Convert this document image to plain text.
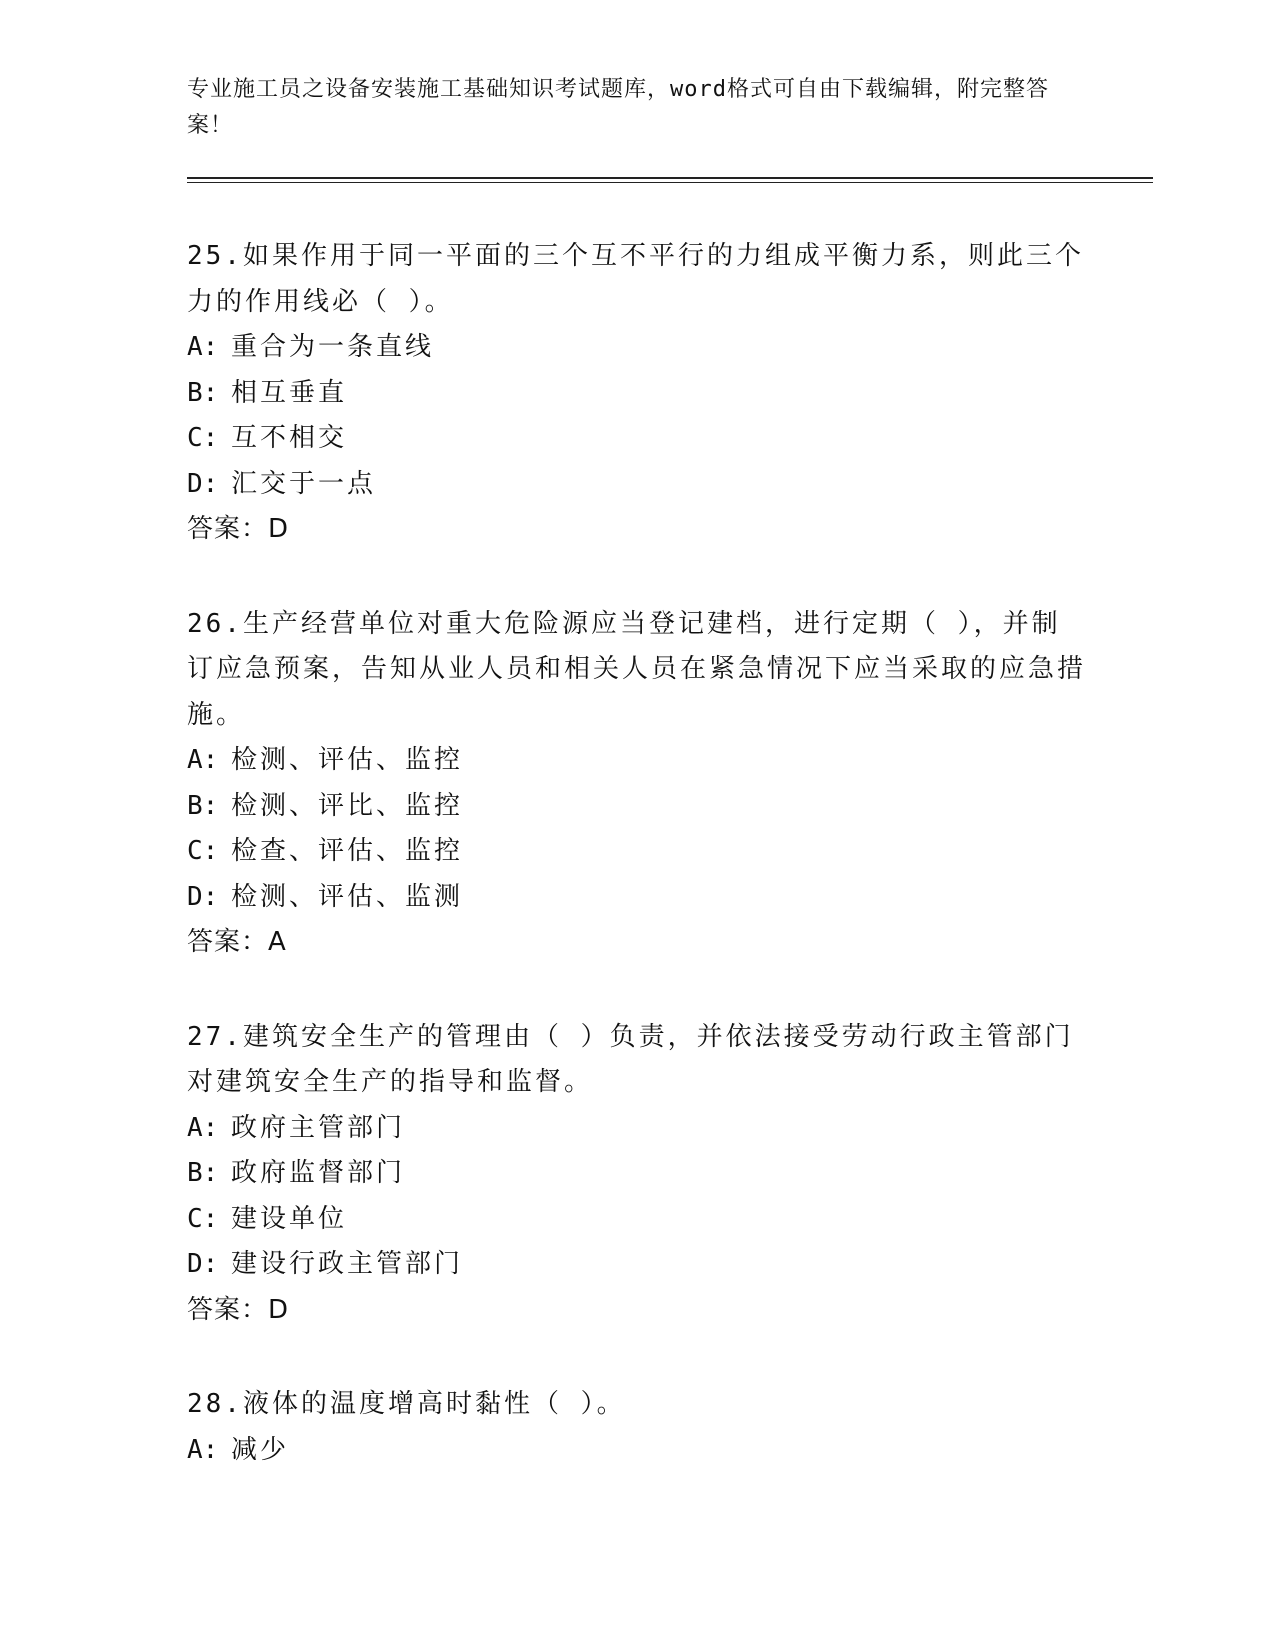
专业施工员之设备安装施工基础知识考试题库，word格式可自由下载编辑，附完整答案！
25.如果作用于同一平面的三个互不平行的力组成平衡力系，则此三个力的作用线必（ ）。
A: 重合为一条直线
B: 相互垂直
C: 互不相交
D: 汇交于一点
答案：D
26.生产经营单位对重大危险源应当登记建档，进行定期（ ），并制订应急预案，告知从业人员和相关人员在紧急情况下应当采取的应急措施。
A: 检测、评估、监控
B: 检测、评比、监控
C: 检查、评估、监控
D: 检测、评估、监测
答案：A
27.建筑安全生产的管理由（ ）负责，并依法接受劳动行政主管部门对建筑安全生产的指导和监督。
A: 政府主管部门
B: 政府监督部门
C: 建设单位
D: 建设行政主管部门
答案：D
28.液体的温度增高时黏性（ ）。
A: 减少
